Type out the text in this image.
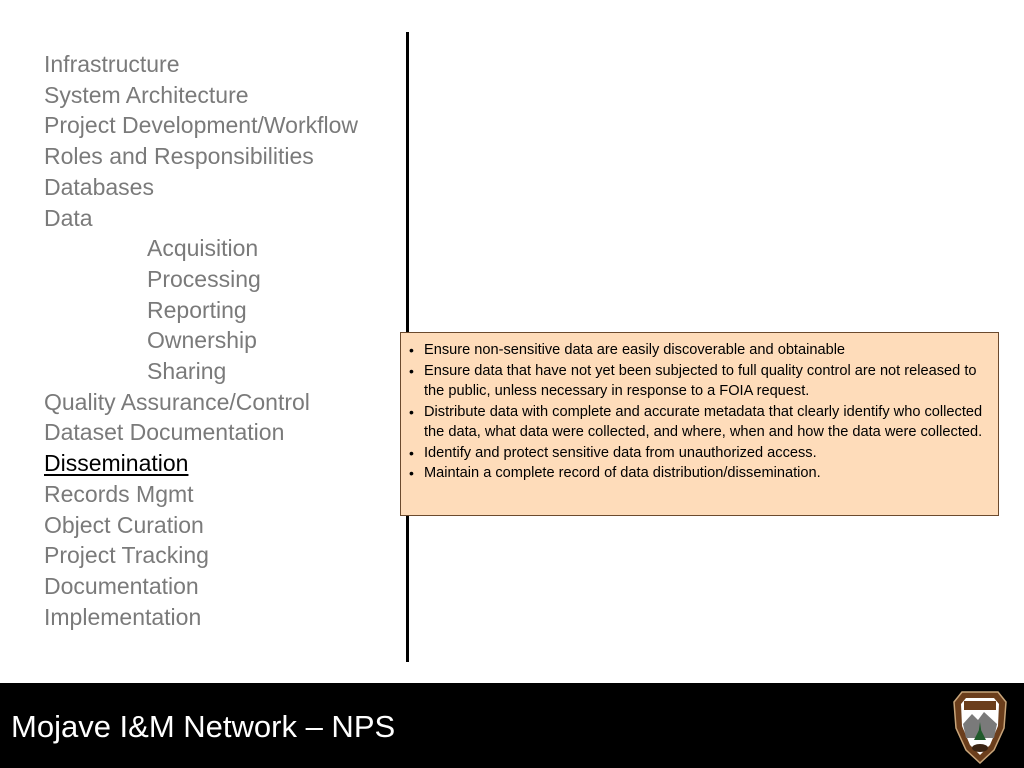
Infrastructure
System Architecture
Project Development/Workflow
Roles and Responsibilities
Databases
Data
Acquisition
Processing
Reporting
Ownership
Sharing
Quality Assurance/Control
Dataset Documentation
Dissemination
Records Mgmt
Object Curation
Project Tracking
Documentation
Implementation
• Ensure non-sensitive data are easily discoverable and obtainable
• Ensure data that have not yet been subjected to full quality control are not released to the public, unless necessary in response to a FOIA request.
• Distribute data with complete and accurate metadata that clearly identify who collected the data, what data were collected, and where, when and how the data were collected.
• Identify and protect sensitive data from unauthorized access.
• Maintain a complete record of data distribution/dissemination.
Mojave I&M Network – NPS
